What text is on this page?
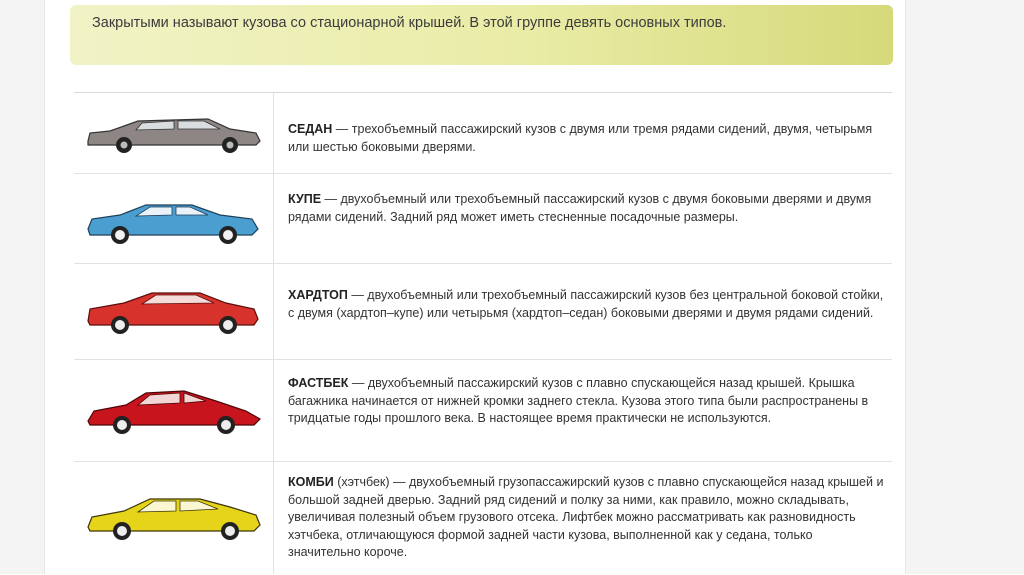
Закрытыми называют кузова со стационарной крышей. В этой группе девять основных типов.
СЕДАН — трехобъемный пассажирский кузов с двумя или тремя рядами сидений, двумя, четырьмя или шестью боковыми дверями.
КУПЕ — двухобъемный или трехобъемный пассажирский кузов с двумя боковыми дверями и двумя рядами сидений. Задний ряд может иметь стесненные посадочные размеры.
ХАРДТОП — двухобъемный или трехобъемный пассажирский кузов без центральной боковой стойки, с двумя (хардтоп–купе) или четырьмя (хардтоп–седан) боковыми дверями и двумя рядами сидений.
ФАСТБЕК — двухобъемный пассажирский кузов с плавно спускающейся назад крышей. Крышка багажника начинается от нижней кромки заднего стекла. Кузова этого типа были распространены в тридцатые годы прошлого века. В настоящее время практически не используются.
КОМБИ (хэтчбек) — двухобъемный грузопассажирский кузов с плавно спускающейся назад крышей и большой задней дверью. Задний ряд сидений и полку за ними, как правило, можно складывать, увеличивая полезный объем грузового отсека. Лифтбек можно рассматривать как разновидность хэтчбека, отличающуюся формой задней части кузова, выполненной как у седана, только значительно короче.
